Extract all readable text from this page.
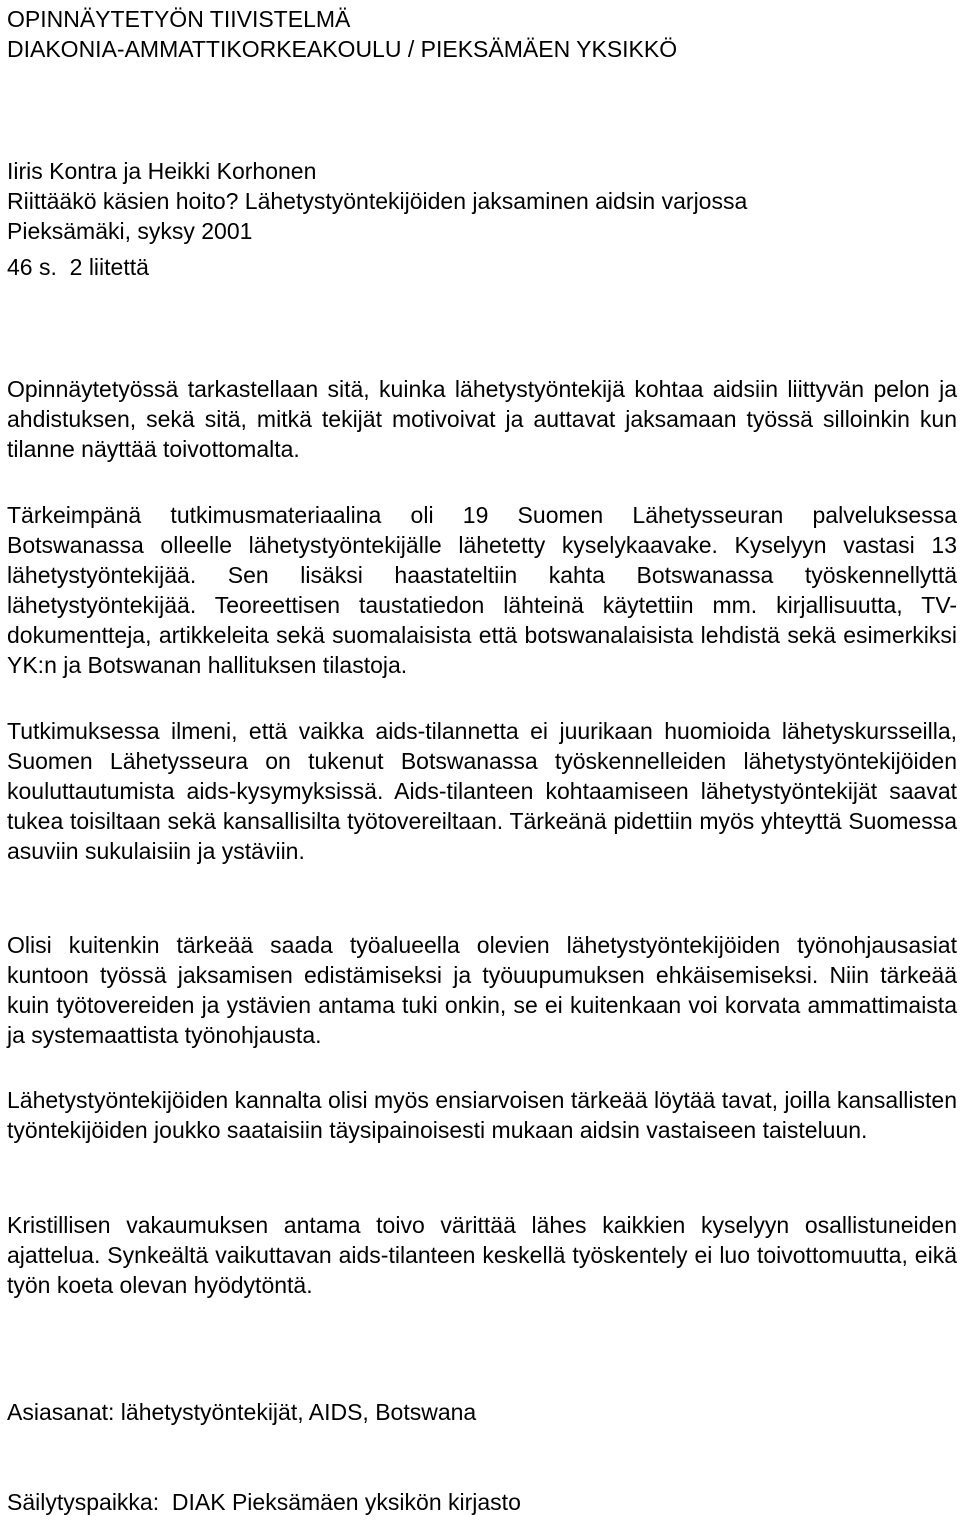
OPINNÄYTETYÖN TIIVISTELMÄ
DIAKONIA-AMMATTIKORKEAKOULU / PIEKSÄMÄEN YKSIKKÖ
Iiris Kontra ja Heikki Korhonen
Riittääkö käsien hoito? Lähetystyöntekijöiden jaksaminen aidsin varjossa
Pieksämäki, syksy 2001
46 s.  2 liitettä
Opinnäytetyössä tarkastellaan sitä, kuinka lähetystyöntekijä kohtaa aidsiin liittyvän pelon ja ahdistuksen, sekä sitä, mitkä tekijät motivoivat ja auttavat jaksamaan työssä silloinkin kun tilanne näyttää toivottomalta.
Tärkeimpänä tutkimusmateriaalina oli 19 Suomen Lähetysseuran palveluksessa Botswanassa olleelle lähetystyöntekijälle lähetetty kyselykaavake. Kyselyyn vastasi 13 lähetystyöntekijää. Sen lisäksi haastateltiin kahta Botswanassa työskennellyttä lähetystyöntekijää. Teoreettisen taustatiedon lähteinä käytettiin mm. kirjallisuutta, TV-dokumentteja, artikkeleita sekä suomalaisista että botswanalaisista lehdistä sekä esimerkiksi YK:n ja Botswanan hallituksen tilastoja.
Tutkimuksessa ilmeni, että vaikka aids-tilannetta ei juurikaan huomioida lähetyskursseilla, Suomen Lähetysseura on tukenut Botswanassa työskennelleiden lähetystyöntekijöiden kouluttautumista aids-kysymyksissä. Aids-tilanteen kohtaamiseen lähetystyöntekijät saavat tukea toisiltaan sekä kansallisilta työtovereiltaan. Tärkeänä pidettiin myös yhteyttä Suomessa asuviin sukulaisiin ja ystäviin.
Olisi kuitenkin tärkeää saada työalueella olevien lähetystyöntekijöiden työnohjausasiat kuntoon työssä jaksamisen edistämiseksi ja työuupumuksen ehkäisemiseksi. Niin tärkeää kuin työtovereiden ja ystävien antama tuki onkin, se ei kuitenkaan voi korvata ammattimaista ja systemaattista työnohjausta.
Lähetystyöntekijöiden kannalta olisi myös ensiarvoisen tärkeää löytää tavat, joilla kansallisten työntekijöiden joukko saataisiin täysipainoisesti mukaan aidsin vastaiseen taisteluun.
Kristillisen vakaumuksen antama toivo värittää lähes kaikkien kyselyyn osallistuneiden ajattelua. Synkeältä vaikuttavan aids-tilanteen keskellä työskentely ei luo toivottomuutta, eikä työn koeta olevan hyödytöntä.
Asiasanat: lähetystyöntekijät, AIDS, Botswana
Säilytyspaikka:  DIAK Pieksämäen yksikön kirjasto
